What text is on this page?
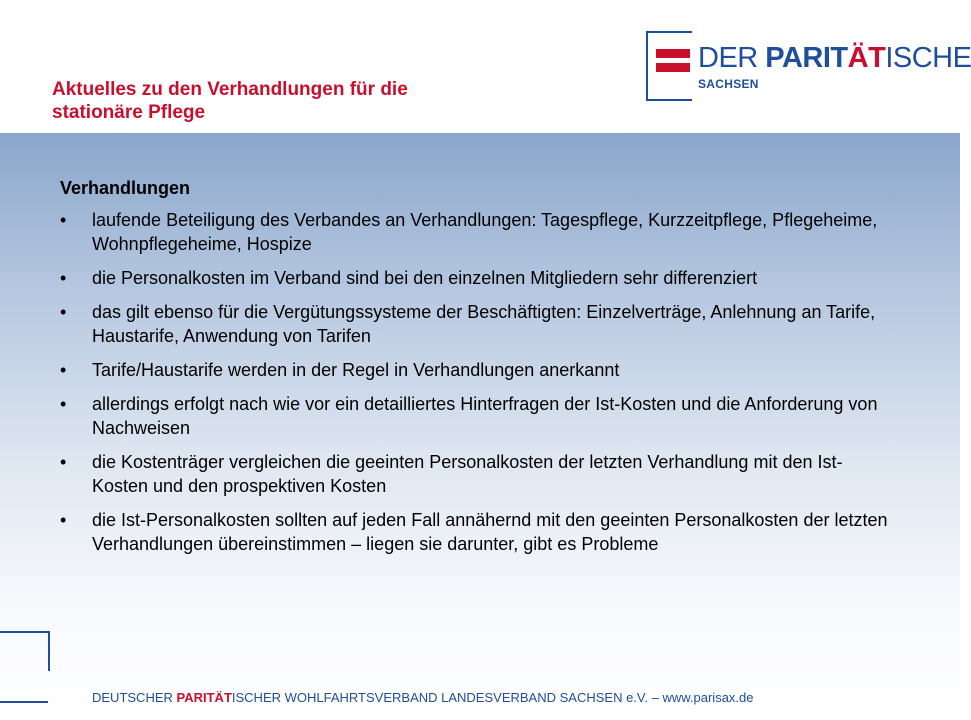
Aktuelles zu den Verhandlungen für die
stationäre Pflege
DER PARITÄTISCHE
SACHSEN
Verhandlungen
• laufende Beteiligung des Verbandes an Verhandlungen: Tagespflege, Kurzzeitpflege, Pflegeheime, Wohnpflegeheime, Hospize
• die Personalkosten im Verband sind bei den einzelnen Mitgliedern sehr differenziert
• das gilt ebenso für die Vergütungssysteme der Beschäftigten: Einzelverträge, Anlehnung an Tarife, Haustarife, Anwendung von Tarifen
• Tarife/Haustarife werden in der Regel in Verhandlungen anerkannt
• allerdings erfolgt nach wie vor ein detailliertes Hinterfragen der Ist-Kosten und die Anforderung von Nachweisen
• die Kostenträger vergleichen die geeinten Personalkosten der letzten Verhandlung mit den Ist-Kosten und den prospektiven Kosten
• die Ist-Personalkosten sollten auf jeden Fall annähernd mit den geeinten Personalkosten der letzten Verhandlungen übereinstimmen – liegen sie darunter, gibt es Probleme
DEUTSCHER PARITÄTISCHER WOHLFAHRTSVERBAND LANDESVERBAND SACHSEN e.V. – www.parisax.de
